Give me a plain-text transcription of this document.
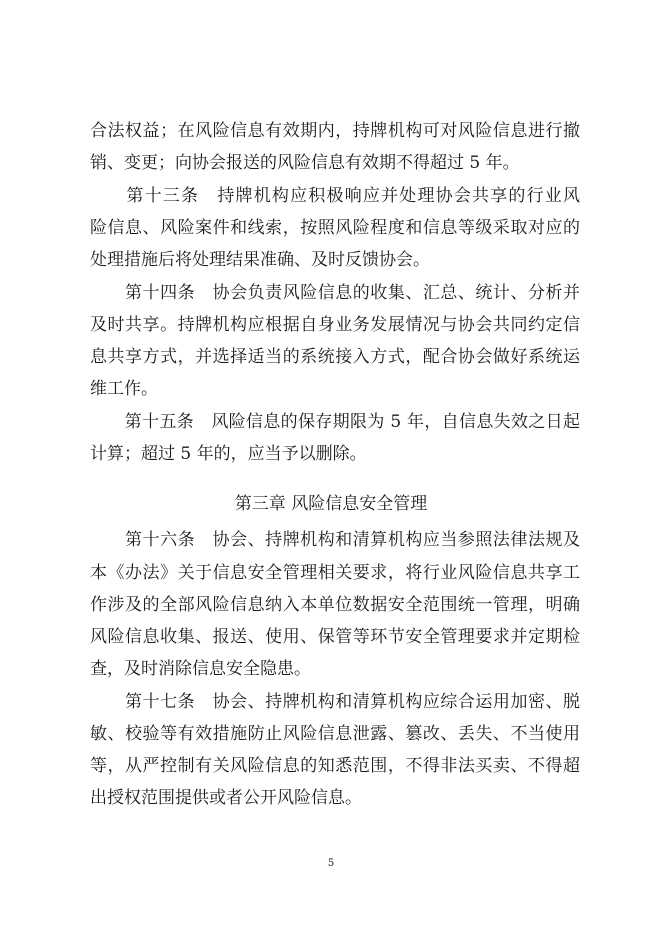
合法权益；在风险信息有效期内，持牌机构可对风险信息进行撤
销、变更；向协会报送的风险信息有效期不得超过 5 年。
　　第十三条　持牌机构应积极响应并处理协会共享的行业风
险信息、风险案件和线索，按照风险程度和信息等级采取对应的
处理措施后将处理结果准确、及时反馈协会。
　　第十四条　协会负责风险信息的收集、汇总、统计、分析并
及时共享。持牌机构应根据自身业务发展情况与协会共同约定信
息共享方式，并选择适当的系统接入方式，配合协会做好系统运
维工作。
　　第十五条　风险信息的保存期限为 5 年，自信息失效之日起
计算；超过 5 年的，应当予以删除。
第三章 风险信息安全管理
　　第十六条　协会、持牌机构和清算机构应当参照法律法规及
本《办法》关于信息安全管理相关要求，将行业风险信息共享工
作涉及的全部风险信息纳入本单位数据安全范围统一管理，明确
风险信息收集、报送、使用、保管等环节安全管理要求并定期检
查，及时消除信息安全隐患。
　　第十七条　协会、持牌机构和清算机构应综合运用加密、脱
敏、校验等有效措施防止风险信息泄露、篡改、丢失、不当使用
等，从严控制有关风险信息的知悉范围，不得非法买卖、不得超
出授权范围提供或者公开风险信息。
5
